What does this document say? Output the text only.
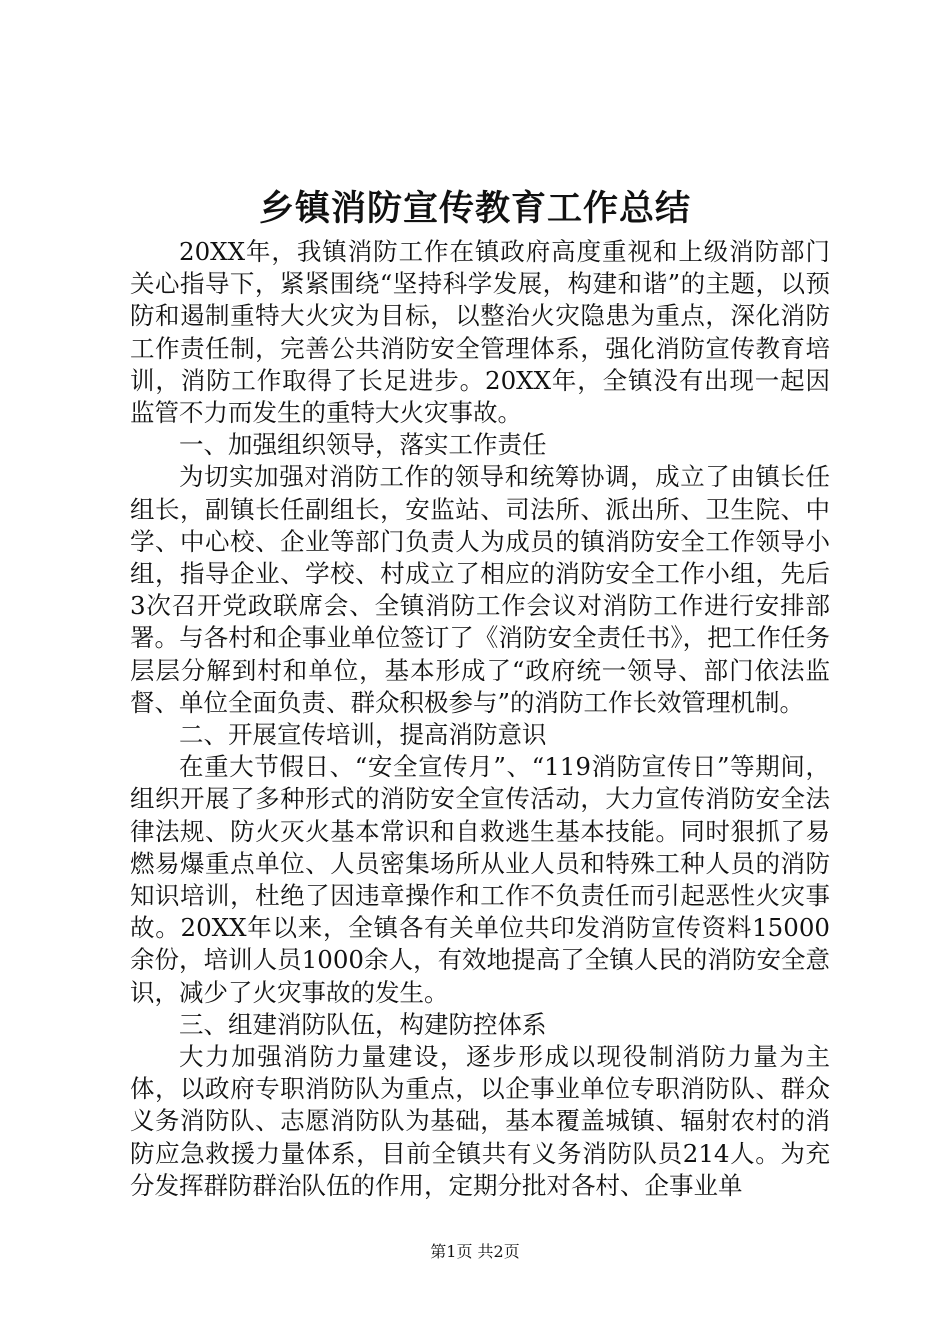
乡镇消防宣传教育工作总结

20XX年，我镇消防工作在镇政府高度重视和上级消防部门关心指导下，紧紧围绕“坚持科学发展，构建和谐”的主题，以预防和遏制重特大火灾为目标，以整治火灾隐患为重点，深化消防工作责任制，完善公共消防安全管理体系，强化消防宣传教育培训，消防工作取得了长足进步。20XX年，全镇没有出现一起因监管不力而发生的重特大火灾事故。

一、加强组织领导，落实工作责任

为切实加强对消防工作的领导和统筹协调，成立了由镇长任组长，副镇长任副组长，安监站、司法所、派出所、卫生院、中学、中心校、企业等部门负责人为成员的镇消防安全工作领导小组，指导企业、学校、村成立了相应的消防安全工作小组，先后3次召开党政联席会、全镇消防工作会议对消防工作进行安排部署。与各村和企事业单位签订了《消防安全责任书》，把工作任务层层分解到村和单位，基本形成了“政府统一领导、部门依法监督、单位全面负责、群众积极参与”的消防工作长效管理机制。

二、开展宣传培训，提高消防意识

在重大节假日、“安全宣传月”、“119消防宣传日”等期间，组织开展了多种形式的消防安全宣传活动，大力宣传消防安全法律法规、防火灭火基本常识和自救逃生基本技能。同时狠抓了易燃易爆重点单位、人员密集场所从业人员和特殊工种人员的消防知识培训，杜绝了因违章操作和工作不负责任而引起恶性火灾事故。20XX年以来，全镇各有关单位共印发消防宣传资料15000余份，培训人员1000余人，有效地提高了全镇人民的消防安全意识，减少了火灾事故的发生。

三、组建消防队伍，构建防控体系

大力加强消防力量建设，逐步形成以现役制消防力量为主体，以政府专职消防队为重点，以企事业单位专职消防队、群众义务消防队、志愿消防队为基础，基本覆盖城镇、辐射农村的消防应急救援力量体系，目前全镇共有义务消防队员214人。为充分发挥群防群治队伍的作用，定期分批对各村、企事业单

第1页 共2页
